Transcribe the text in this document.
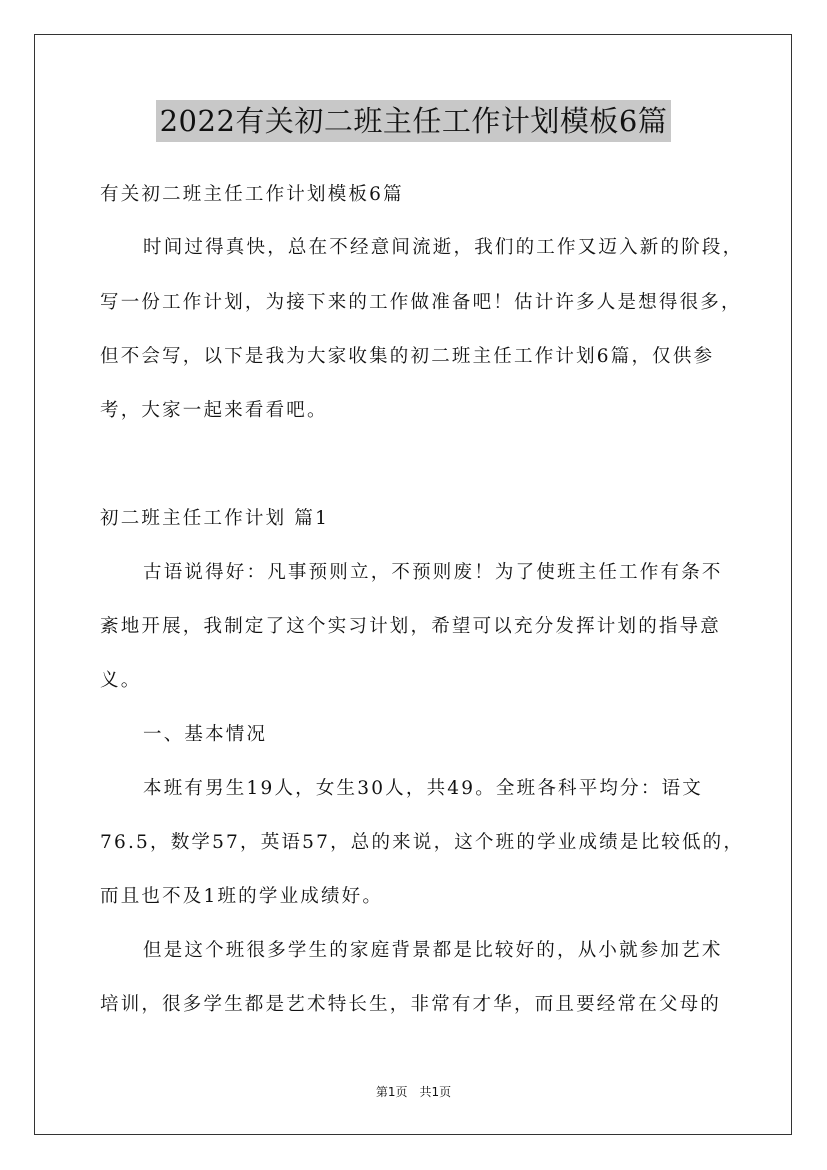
2022有关初二班主任工作计划模板6篇
有关初二班主任工作计划模板6篇
时间过得真快，总在不经意间流逝，我们的工作又迈入新的阶段，
写一份工作计划，为接下来的工作做准备吧！估计许多人是想得很多，
但不会写，以下是我为大家收集的初二班主任工作计划6篇，仅供参
考，大家一起来看看吧。
初二班主任工作计划 篇1
古语说得好：凡事预则立，不预则废！为了使班主任工作有条不
紊地开展，我制定了这个实习计划，希望可以充分发挥计划的指导意
义。
一、基本情况
本班有男生19人，女生30人，共49。全班各科平均分：语文
76.5，数学57，英语57，总的来说，这个班的学业成绩是比较低的，
而且也不及1班的学业成绩好。
但是这个班很多学生的家庭背景都是比较好的，从小就参加艺术
培训，很多学生都是艺术特长生，非常有才华，而且要经常在父母的
第1页 共1页
